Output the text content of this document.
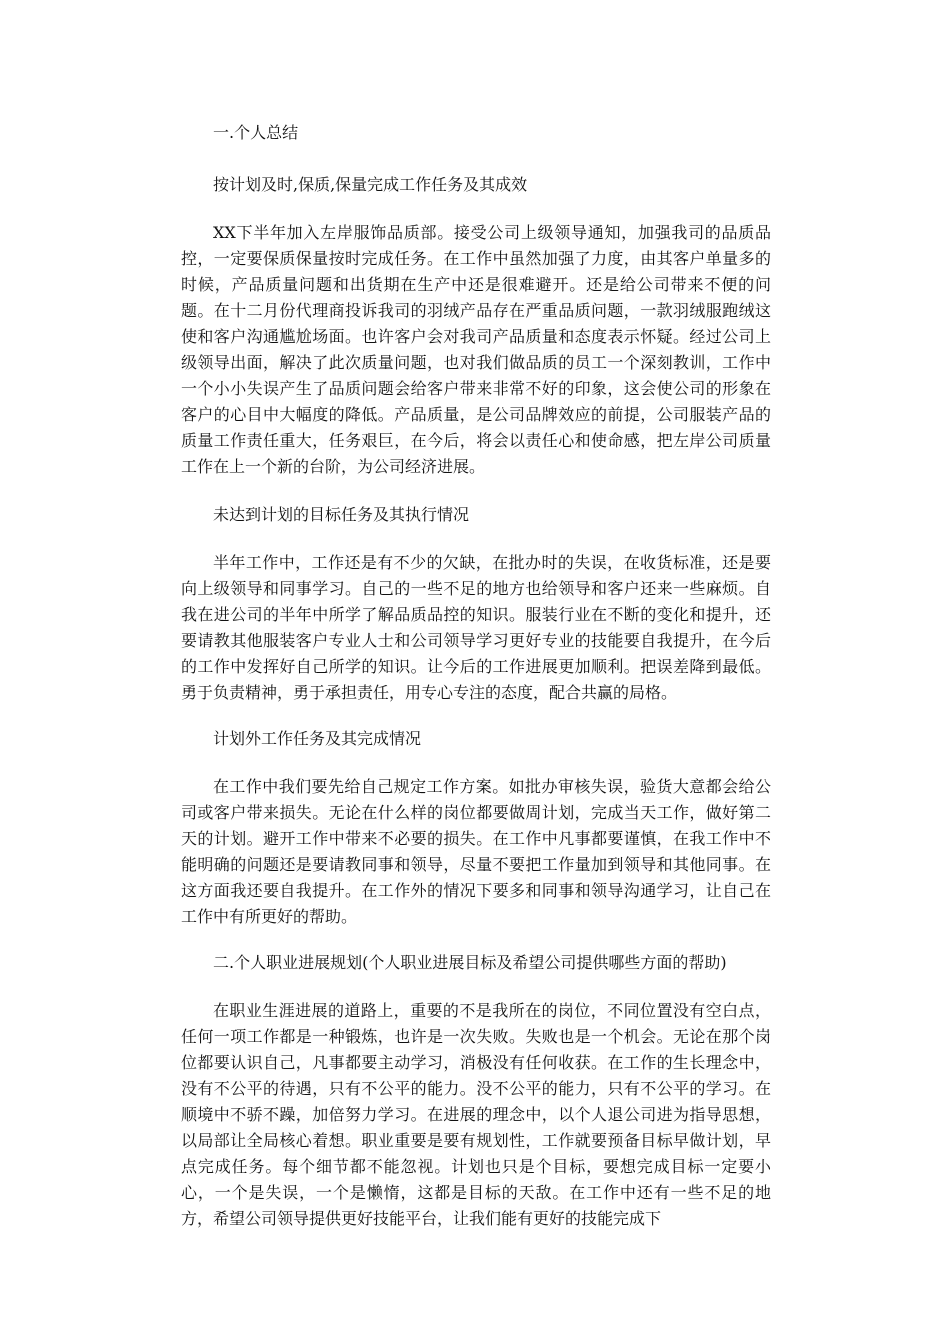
一.个人总结

按计划及时,保质,保量完成工作任务及其成效

XX下半年加入左岸服饰品质部。接受公司上级领导通知，加强我司的品质品控，一定要保质保量按时完成任务。在工作中虽然加强了力度，由其客户单量多的时候，产品质量问题和出货期在生产中还是很难避开。还是给公司带来不便的问题。在十二月份代理商投诉我司的羽绒产品存在严重品质问题，一款羽绒服跑绒这使和客户沟通尴尬场面。也许客户会对我司产品质量和态度表示怀疑。经过公司上级领导出面，解决了此次质量问题，也对我们做品质的员工一个深刻教训，工作中一个小小失误产生了品质问题会给客户带来非常不好的印象，这会使公司的形象在客户的心目中大幅度的降低。产品质量，是公司品牌效应的前提，公司服装产品的质量工作责任重大，任务艰巨，在今后，将会以责任心和使命感，把左岸公司质量工作在上一个新的台阶，为公司经济进展。

未达到计划的目标任务及其执行情况

半年工作中，工作还是有不少的欠缺，在批办时的失误，在收货标准，还是要向上级领导和同事学习。自己的一些不足的地方也给领导和客户还来一些麻烦。自我在进公司的半年中所学了解品质品控的知识。服装行业在不断的变化和提升，还要请教其他服装客户专业人士和公司领导学习更好专业的技能要自我提升，在今后的工作中发挥好自己所学的知识。让今后的工作进展更加顺利。把误差降到最低。勇于负责精神，勇于承担责任，用专心专注的态度，配合共赢的局格。

计划外工作任务及其完成情况

在工作中我们要先给自己规定工作方案。如批办审核失误，验货大意都会给公司或客户带来损失。无论在什么样的岗位都要做周计划，完成当天工作，做好第二天的计划。避开工作中带来不必要的损失。在工作中凡事都要谨慎，在我工作中不能明确的问题还是要请教同事和领导，尽量不要把工作量加到领导和其他同事。在这方面我还要自我提升。在工作外的情况下要多和同事和领导沟通学习，让自己在工作中有所更好的帮助。

二.个人职业进展规划(个人职业进展目标及希望公司提供哪些方面的帮助)

在职业生涯进展的道路上，重要的不是我所在的岗位，不同位置没有空白点，任何一项工作都是一种锻炼，也许是一次失败。失败也是一个机会。无论在那个岗位都要认识自己，凡事都要主动学习，消极没有任何收获。在工作的生长理念中，没有不公平的待遇，只有不公平的能力。没不公平的能力，只有不公平的学习。在顺境中不骄不躁，加倍努力学习。在进展的理念中，以个人退公司进为指导思想，以局部让全局核心着想。职业重要是要有规划性，工作就要预备目标早做计划，早点完成任务。每个细节都不能忽视。计划也只是个目标，要想完成目标一定要小心，一个是失误，一个是懒惰，这都是目标的天敌。在工作中还有一些不足的地方，希望公司领导提供更好技能平台，让我们能有更好的技能完成下
